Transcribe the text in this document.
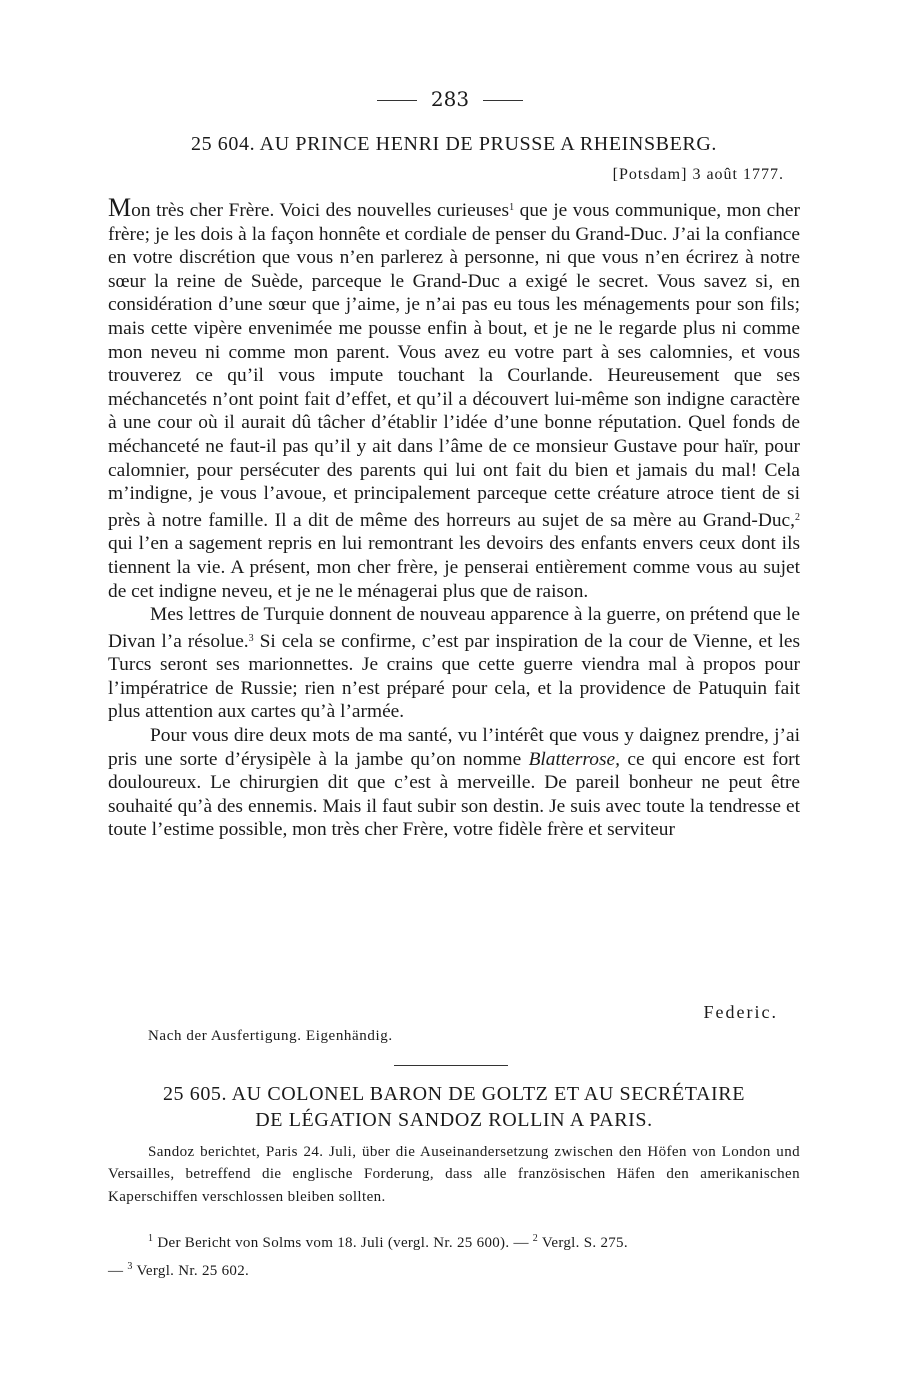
283
25 604. AU PRINCE HENRI DE PRUSSE A RHEINSBERG.
[Potsdam] 3 août 1777.

Mon très cher Frère. Voici des nouvelles curieuses$^1$ que je vous communique, mon cher frère; je les dois à la façon honnête et cordiale de penser du Grand-Duc. J’ai la confiance en votre discrétion que vous n’en parlerez à personne, ni que vous n’en écrirez à notre sœur la reine de Suède, parceque le Grand-Duc a exigé le secret. Vous savez si, en considération d’une sœur que j’aime, je n’ai pas eu tous les ménagements pour son fils; mais cette vipère envenimée me pousse enfin à bout, et je ne le regarde plus ni comme mon neveu ni comme mon parent. Vous avez eu votre part à ses calomnies, et vous trouverez ce qu’il vous impute touchant la Courlande. Heureusement que ses méchancetés n’ont point fait d’effet, et qu’il a découvert lui-même son indigne caractère à une cour où il aurait dû tâcher d’établir l’idée d’une bonne réputation. Quel fonds de méchanceté ne faut-il pas qu’il y ait dans l’âme de ce monsieur Gustave pour haïr, pour calomnier, pour persécuter des parents qui lui ont fait du bien et jamais du mal! Cela m’indigne, je vous l’avoue, et principalement parceque cette créature atroce tient de si près à notre famille. Il a dit de même des horreurs au sujet de sa mère au Grand-Duc,$^2$ qui l’en a sagement repris en lui remontrant les devoirs des enfants envers ceux dont ils tiennent la vie. A présent, mon cher frère, je penserai entièrement comme vous au sujet de cet indigne neveu, et je ne le ménagerai plus que de raison.

Mes lettres de Turquie donnent de nouveau apparence à la guerre, on prétend que le Divan l’a résolue.$^3$ Si cela se confirme, c’est par inspiration de la cour de Vienne, et les Turcs seront ses marionnettes. Je crains que cette guerre viendra mal à propos pour l’impératrice de Russie; rien n’est préparé pour cela, et la providence de Patuquin fait plus attention aux cartes qu’à l’armée.

Pour vous dire deux mots de ma santé, vu l’intérêt que vous y daignez prendre, j’ai pris une sorte d’érysipèle à la jambe qu’on nomme Blatterrose, ce qui encore est fort douloureux. Le chirurgien dit que c’est à merveille. De pareil bonheur ne peut être souhaité qu’à des ennemis. Mais il faut subir son destin. Je suis avec toute la tendresse et toute l’estime possible, mon très cher Frère, votre fidèle frère et serviteur

Federic.
Nach der Ausfertigung. Eigenhändig.
25 605. AU COLONEL BARON DE GOLTZ ET AU SECRÉTAIRE
DE LÉGATION SANDOZ ROLLIN A PARIS.
Sandoz berichtet, Paris 24. Juli, über die Auseinandersetzung zwischen den Höfen von London und Versailles, betreffend die englische Forderung, dass alle französischen Häfen den amerikanischen Kaperschiffen verschlossen bleiben sollten.

$^1$ Der Bericht von Solms vom 18. Juli (vergl. Nr. 25 600). — $^2$ Vergl. S. 275.

— $^3$ Vergl. Nr. 25 602.
